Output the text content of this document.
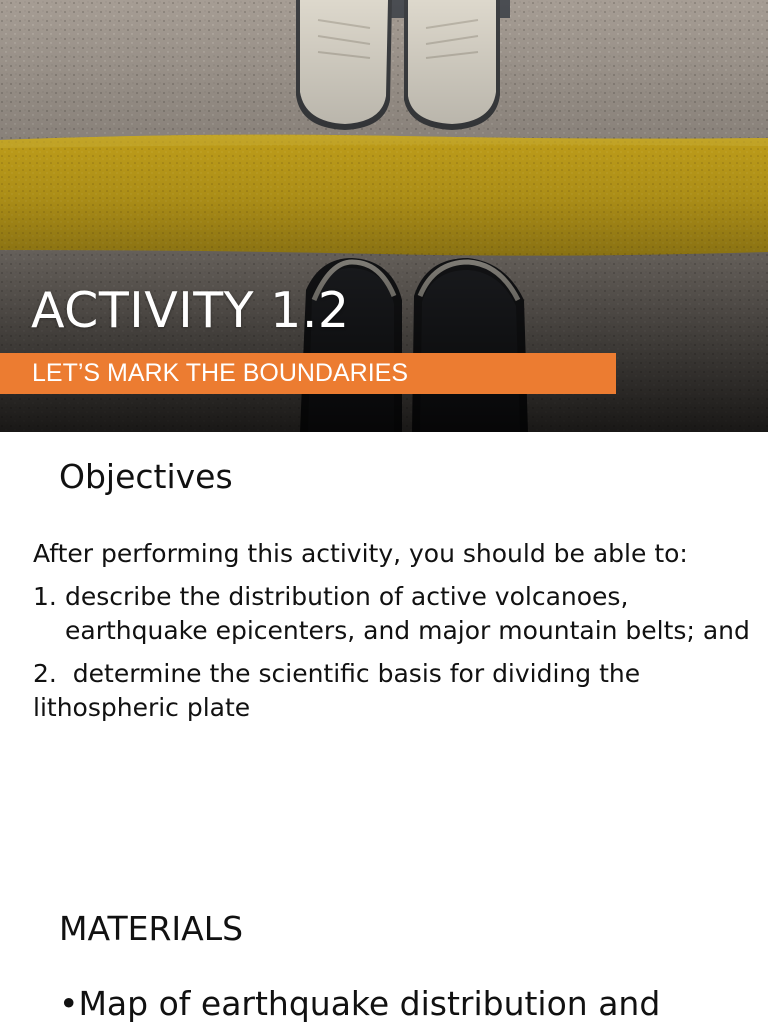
ACTIVITY 1.2
LET’S MARK THE BOUNDARIES
Objectives
After performing this activity, you should be able to:
1. describe the distribution of active volcanoes, earthquake epicenters, and major mountain belts; and
2. determine the scientific basis for dividing the lithospheric plate
MATERIALS
•Map of earthquake distribution and
